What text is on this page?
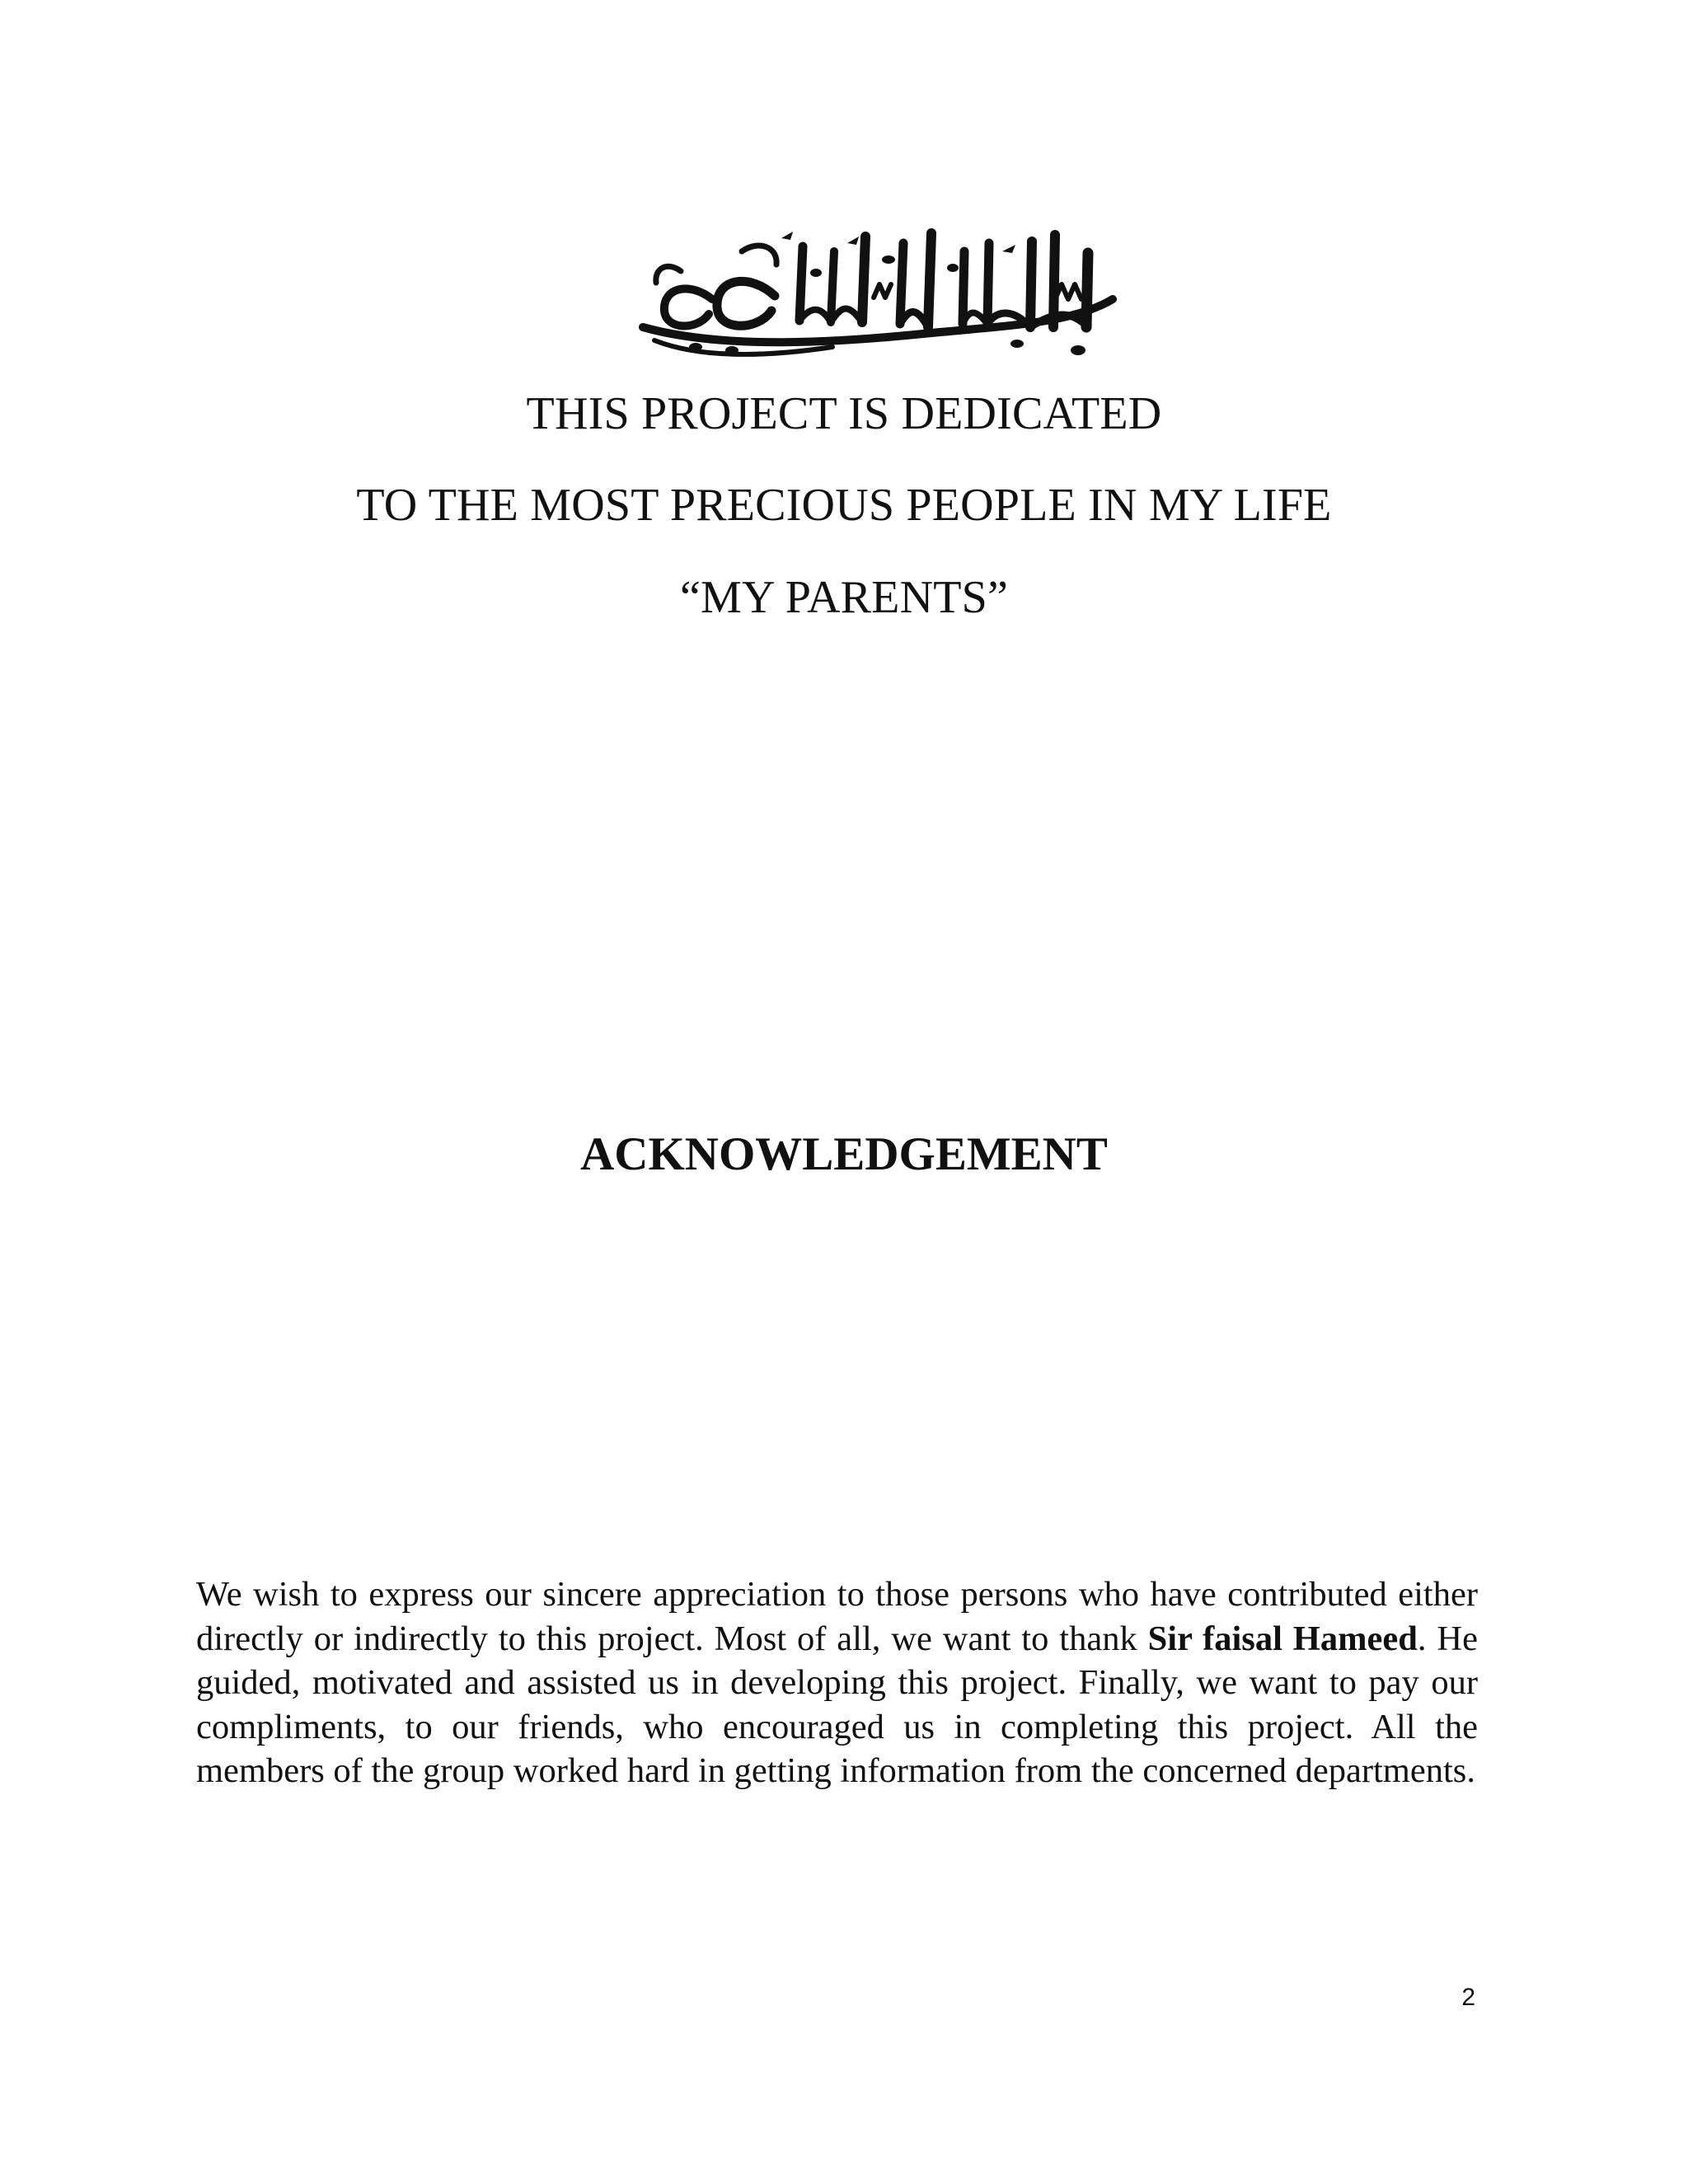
THIS PROJECT IS DEDICATED
TO THE MOST PRECIOUS PEOPLE IN MY LIFE
“MY PARENTS”
ACKNOWLEDGEMENT
We wish to express our sincere appreciation to those persons who have contributed either directly or indirectly to this project. Most of all, we want to thank Sir faisal Hameed. He guided, motivated and assisted us in developing this project. Finally, we want to pay our compliments, to our friends, who encouraged us in completing this project. All the members of the group worked hard in getting information from the concerned departments.
2
